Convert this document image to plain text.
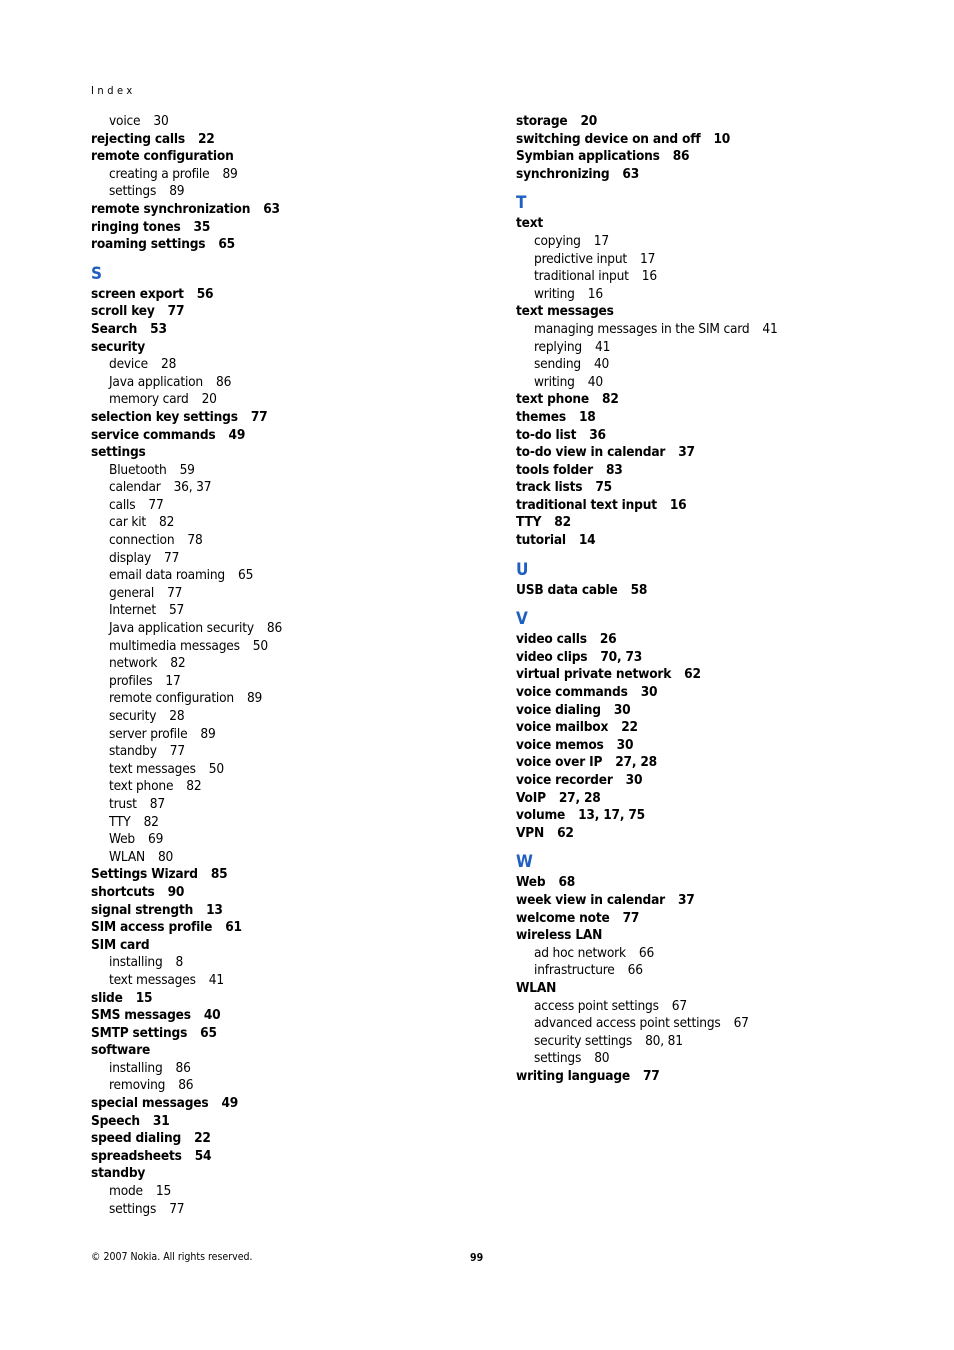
Index
voice 30
rejecting calls 22
remote configuration
creating a profile 89
settings 89
remote synchronization 63
ringing tones 35
roaming settings 65
S
screen export 56
scroll key 77
Search 53
security
device 28
Java application 86
memory card 20
selection key settings 77
service commands 49
settings
Bluetooth 59
calendar 36, 37
calls 77
car kit 82
connection 78
display 77
email data roaming 65
general 77
Internet 57
Java application security 86
multimedia messages 50
network 82
profiles 17
remote configuration 89
security 28
server profile 89
standby 77
text messages 50
text phone 82
trust 87
TTY 82
Web 69
WLAN 80
Settings Wizard 85
shortcuts 90
signal strength 13
SIM access profile 61
SIM card
installing 8
text messages 41
slide 15
SMS messages 40
SMTP settings 65
software
installing 86
removing 86
special messages 49
Speech 31
speed dialing 22
spreadsheets 54
standby
mode 15
settings 77
storage 20
switching device on and off 10
Symbian applications 86
synchronizing 63
T
text
copying 17
predictive input 17
traditional input 16
writing 16
text messages
managing messages in the SIM card 41
replying 41
sending 40
writing 40
text phone 82
themes 18
to-do list 36
to-do view in calendar 37
tools folder 83
track lists 75
traditional text input 16
TTY 82
tutorial 14
U
USB data cable 58
V
video calls 26
video clips 70, 73
virtual private network 62
voice commands 30
voice dialing 30
voice mailbox 22
voice memos 30
voice over IP 27, 28
voice recorder 30
VoIP 27, 28
volume 13, 17, 75
VPN 62
W
Web 68
week view in calendar 37
welcome note 77
wireless LAN
ad hoc network 66
infrastructure 66
WLAN
access point settings 67
advanced access point settings 67
security settings 80, 81
settings 80
writing language 77
© 2007 Nokia. All rights reserved.	99
